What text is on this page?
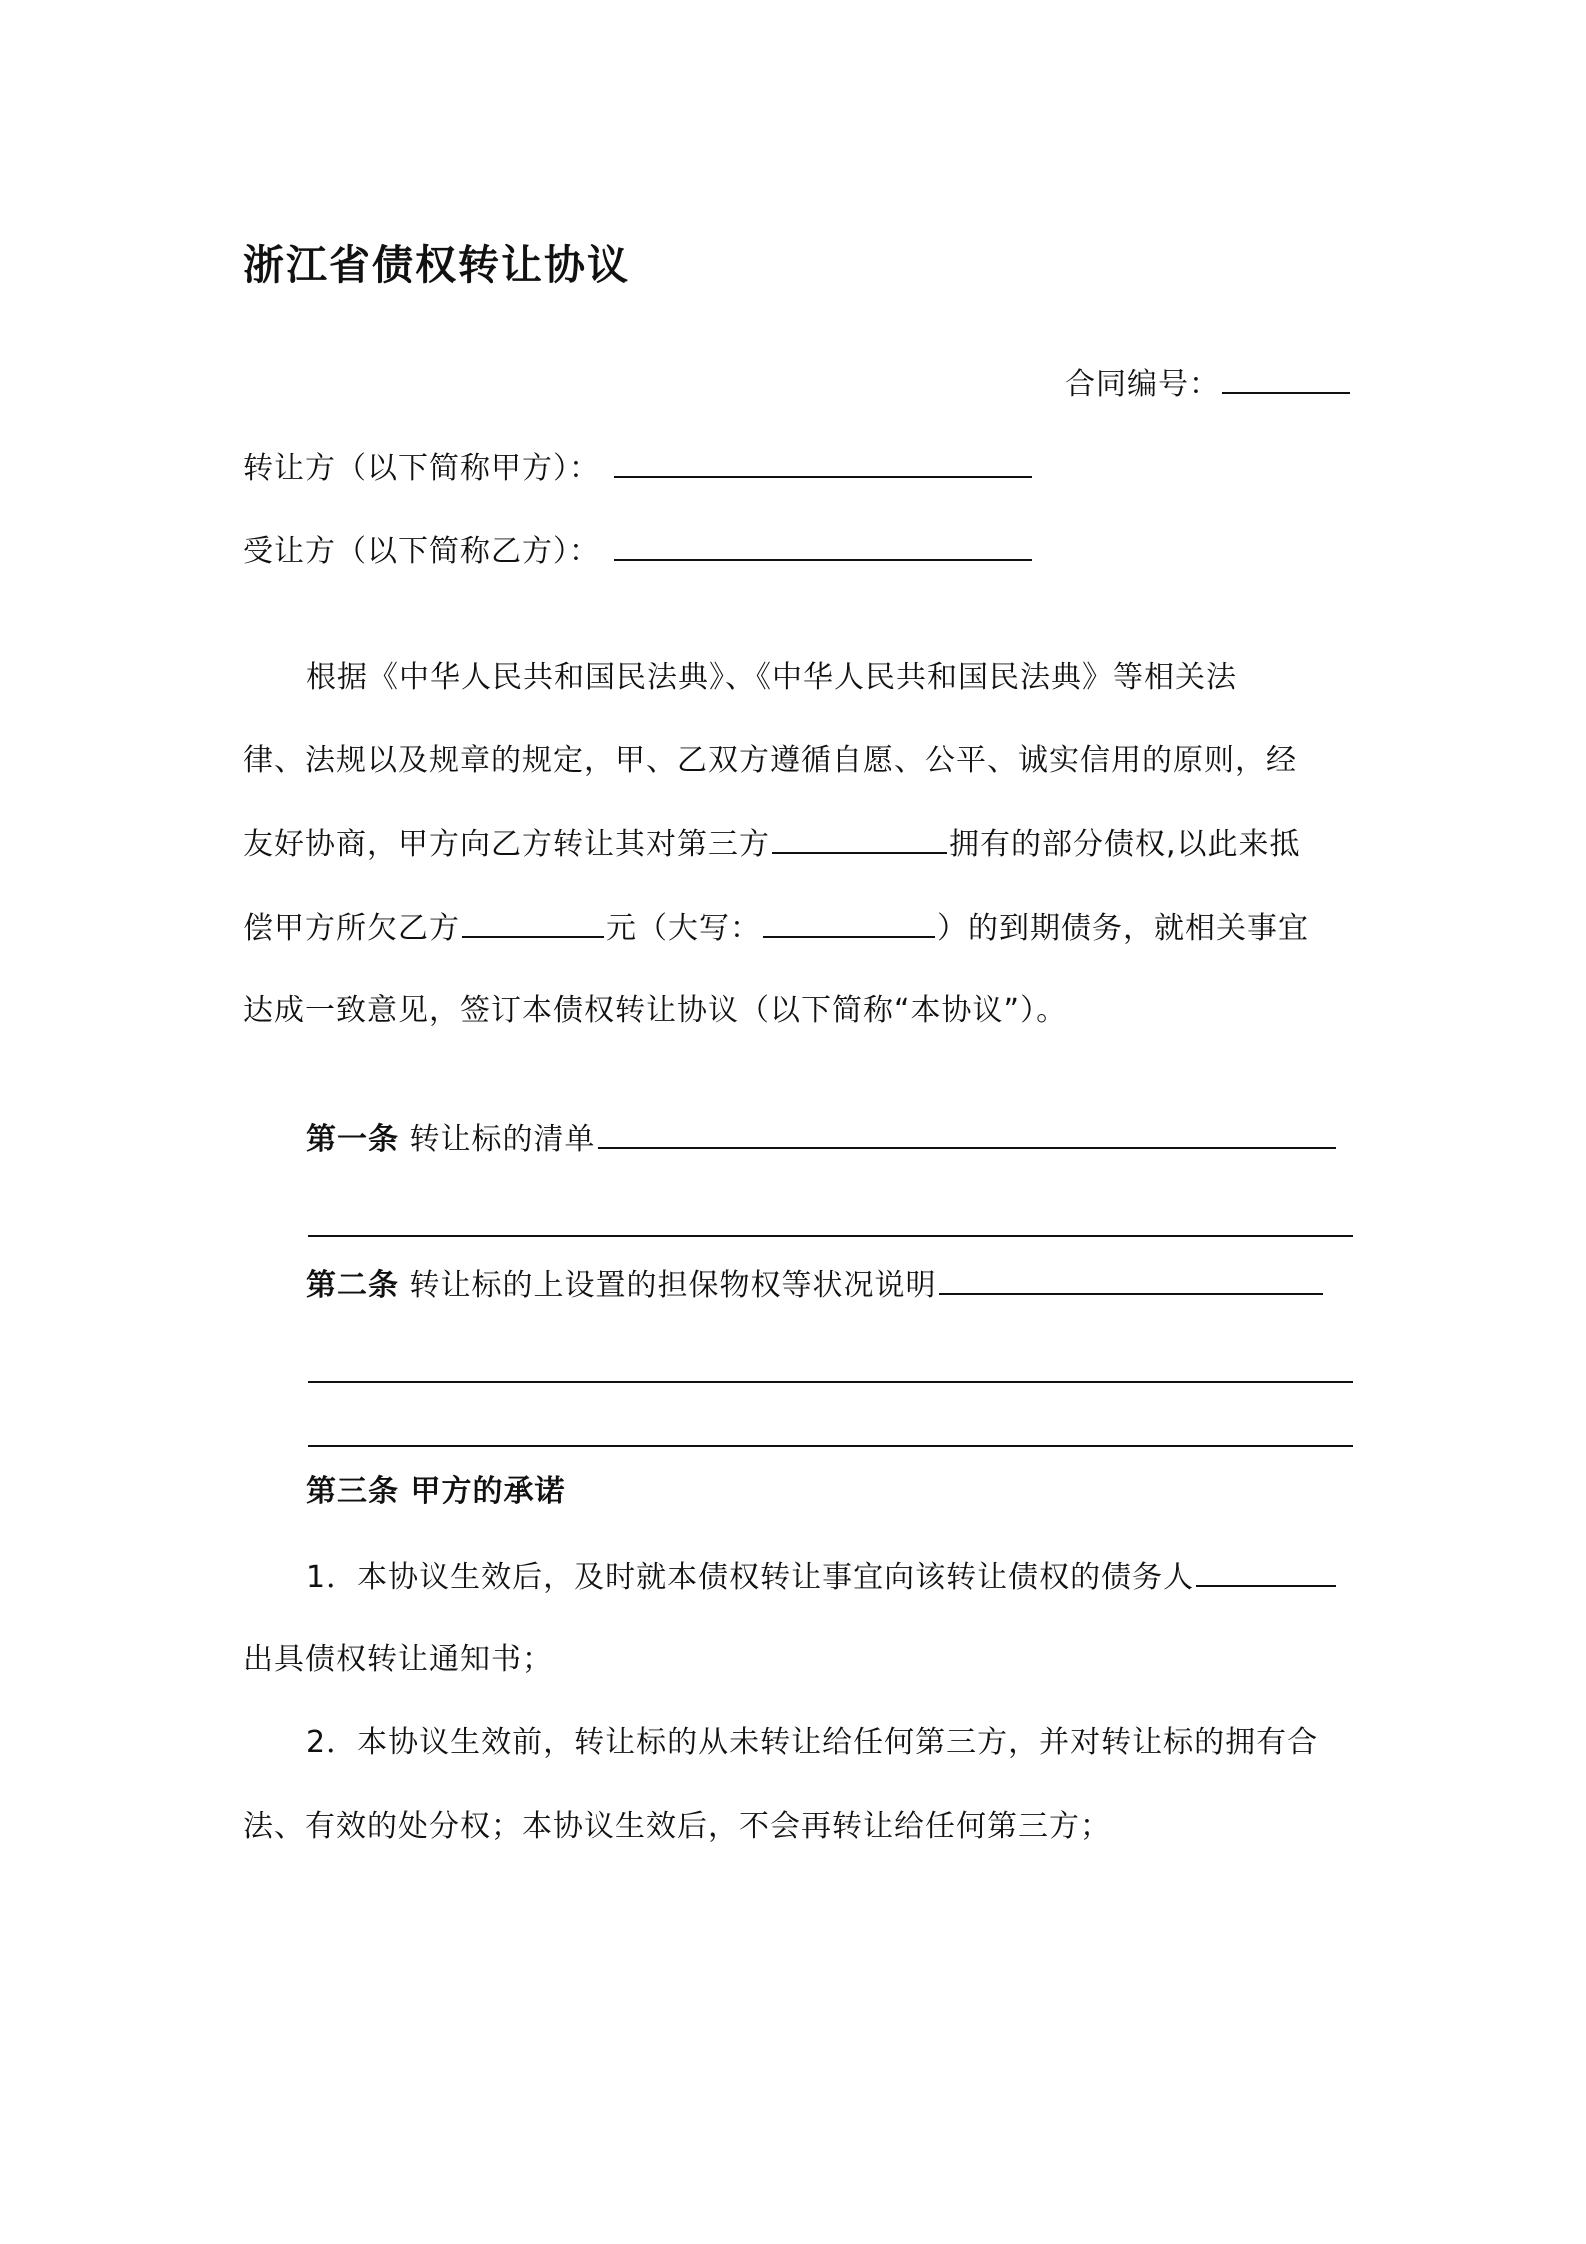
浙江省债权转让协议
合同编号：
转让方（以下简称甲方）：
受让方（以下简称乙方）：
根据《中华人民共和国民法典》、《中华人民共和国民法典》等相关法
律、法规以及规章的规定，甲、乙双方遵循自愿、公平、诚实信用的原则，经
友好协商，甲方向乙方转让其对第三方	拥有的部分债权,以此来抵
偿甲方所欠乙方	元（大写：	）的到期债务，就相关事宜
达成一致意见，签订本债权转让协议（以下简称“本协议”）。
第一条 转让标的清单
第二条 转让标的上设置的担保物权等状况说明
第三条 甲方的承诺
1．本协议生效后，及时就本债权转让事宜向该转让债权的债务人
出具债权转让通知书；
2．本协议生效前，转让标的从未转让给任何第三方，并对转让标的拥有合
法、有效的处分权；本协议生效后，不会再转让给任何第三方；
